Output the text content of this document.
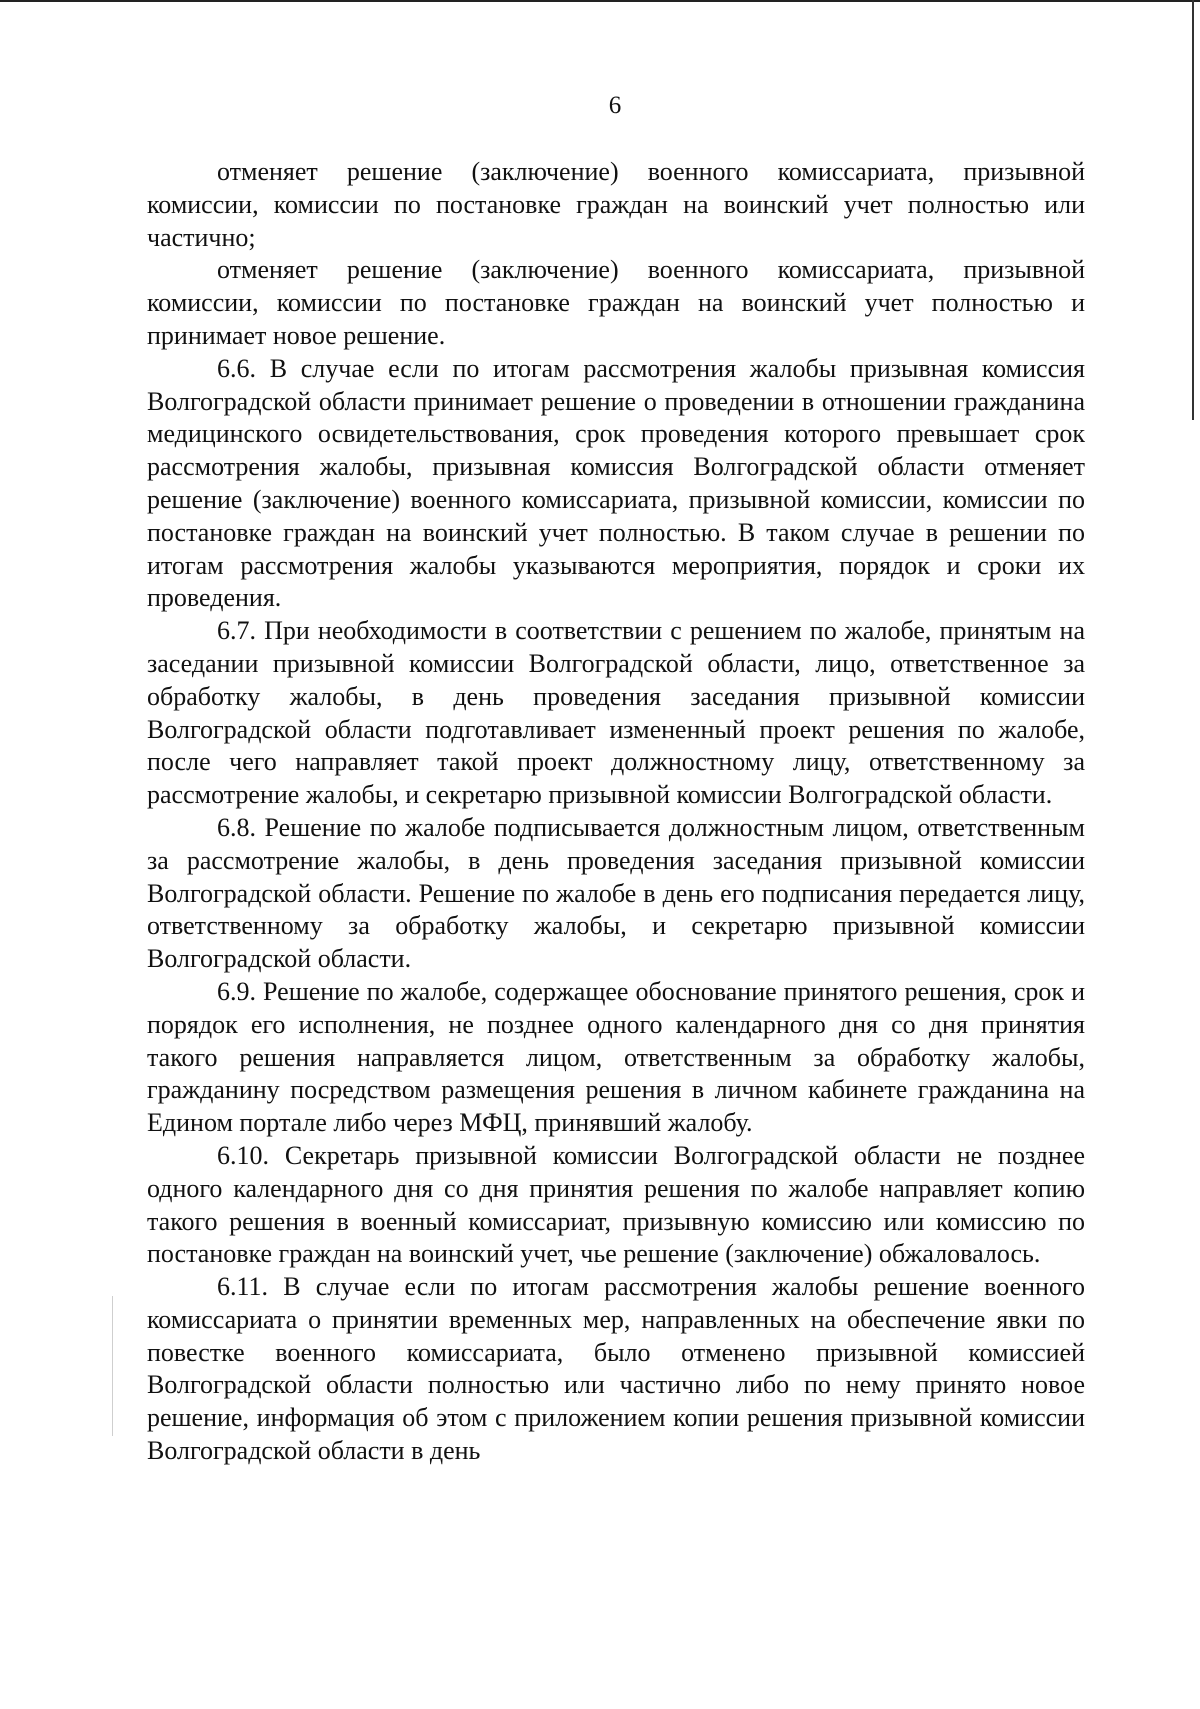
6

отменяет решение (заключение) военного комиссариата, призывной комиссии, комиссии по постановке граждан на воинский учет полностью или частично;

отменяет решение (заключение) военного комиссариата, призывной комиссии, комиссии по постановке граждан на воинский учет полностью и принимает новое решение.

6.6. В случае если по итогам рассмотрения жалобы призывная комиссия Волгоградской области принимает решение о проведении в отношении гражданина медицинского освидетельствования, срок проведения которого превышает срок рассмотрения жалобы, призывная комиссия Волгоградской области отменяет решение (заключение) военного комиссариата, призывной комиссии, комиссии по постановке граждан на воинский учет полностью. В таком случае в решении по итогам рассмотрения жалобы указываются мероприятия, порядок и сроки их проведения.

6.7. При необходимости в соответствии с решением по жалобе, принятым на заседании призывной комиссии Волгоградской области, лицо, ответственное за обработку жалобы, в день проведения заседания призывной комиссии Волгоградской области подготавливает измененный проект решения по жалобе, после чего направляет такой проект должностному лицу, ответственному за рассмотрение жалобы, и секретарю призывной комиссии Волгоградской области.

6.8. Решение по жалобе подписывается должностным лицом, ответственным за рассмотрение жалобы, в день проведения заседания призывной комиссии Волгоградской области. Решение по жалобе в день его подписания передается лицу, ответственному за обработку жалобы, и секретарю призывной комиссии Волгоградской области.

6.9. Решение по жалобе, содержащее обоснование принятого решения, срок и порядок его исполнения, не позднее одного календарного дня со дня принятия такого решения направляется лицом, ответственным за обработку жалобы, гражданину посредством размещения решения в личном кабинете гражданина на Едином портале либо через МФЦ, принявший жалобу.

6.10. Секретарь призывной комиссии Волгоградской области не позднее одного календарного дня со дня принятия решения по жалобе направляет копию такого решения в военный комиссариат, призывную комиссию или комиссию по постановке граждан на воинский учет, чье решение (заключение) обжаловалось.

6.11. В случае если по итогам рассмотрения жалобы решение военного комиссариата о принятии временных мер, направленных на обеспечение явки по повестке военного комиссариата, было отменено призывной комиссией Волгоградской области полностью или частично либо по нему принято новое решение, информация об этом с приложением копии решения призывной комиссии Волгоградской области в день
